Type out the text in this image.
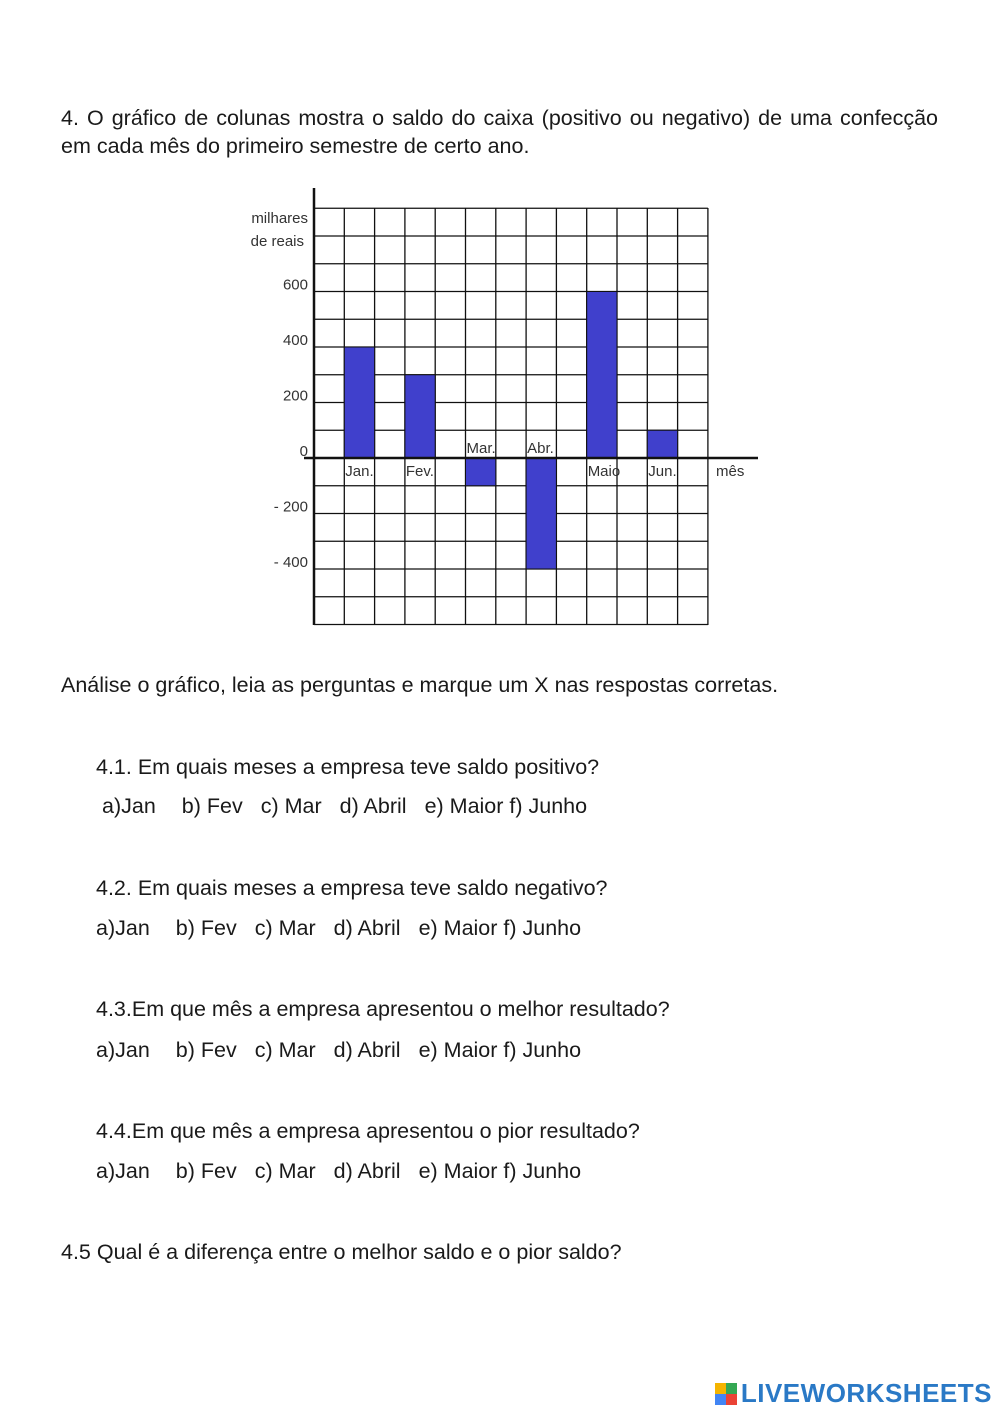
4. O gráfico de colunas mostra o saldo do caixa (positivo ou negativo) de uma confecção em cada mês do primeiro semestre de certo ano.

600
400
200
0
- 200
- 400
milhares
de reais
Jan. Fev.
Mar. Abr.
Maio Jun.	mês

Análise o gráfico, leia as perguntas e marque um X nas respostas corretas.

4.1. Em quais meses a empresa teve saldo positivo?

a)Jan b) Fev c) Mar d) Abril e) Maior f) Junho

4.2. Em quais meses a empresa teve saldo negativo?

a)Jan b) Fev c) Mar d) Abril e) Maior f) Junho

4.3.Em que mês a empresa apresentou o melhor resultado?

a)Jan b) Fev c) Mar d) Abril e) Maior f) Junho

4.4.Em que mês a empresa apresentou o pior resultado?

a)Jan b) Fev c) Mar d) Abril e) Maior f) Junho

4.5 Qual é a diferença entre o melhor saldo e o pior saldo?

LIVEWORKSHEETS
